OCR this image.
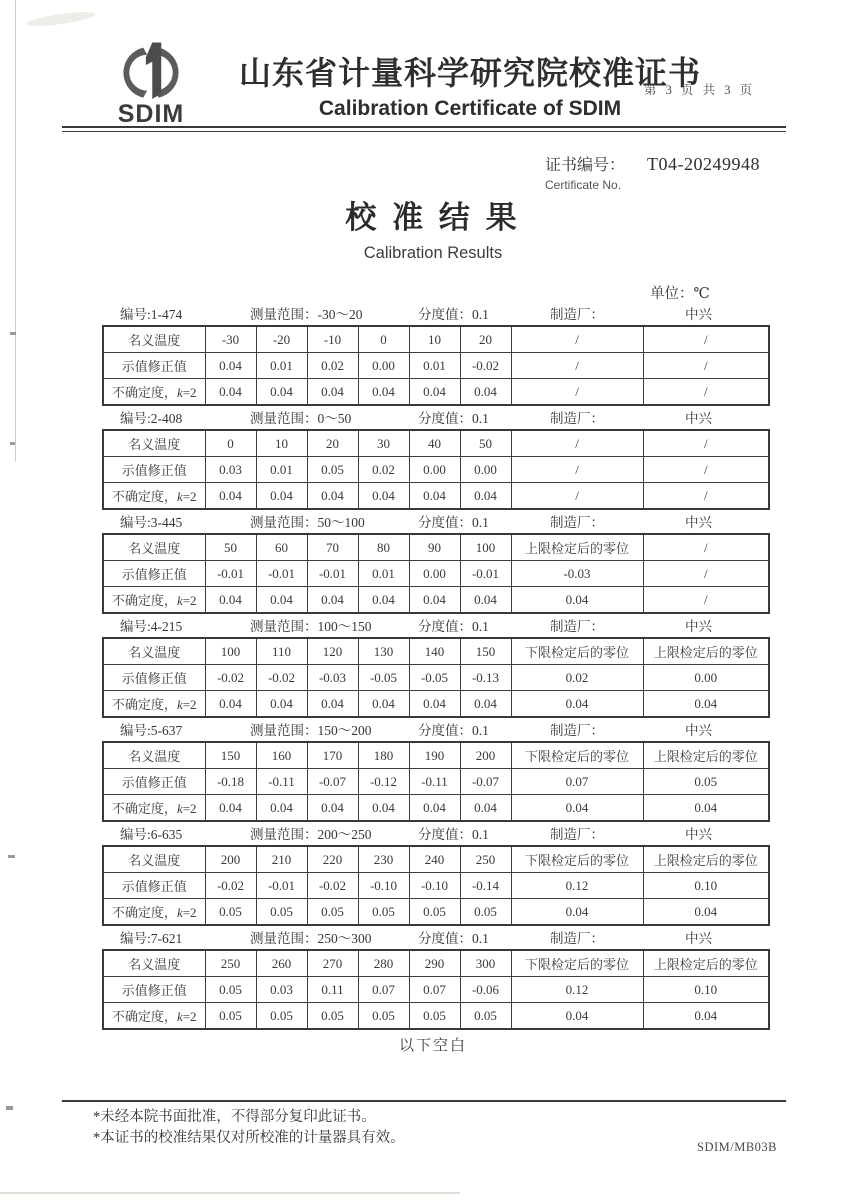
SDIM
山东省计量科学研究院校准证书
第 3 页 共 3 页
Calibration Certificate of SDIM
证书编号： T04-20249948
Certificate No.
校 准 结 果
Calibration Results
单位：℃
编号:1-474	测量范围：-30～20	分度值：0.1	制造厂：	中兴
名义温度	-30	-20	-10	0	10	20	/	/
示值修正值	0.04	0.01	0.02	0.00	0.01	-0.02	/	/
不确定度，k=2	0.04	0.04	0.04	0.04	0.04	0.04	/	/
编号:2-408	测量范围：0～50	分度值：0.1	制造厂：	中兴
名义温度	0	10	20	30	40	50	/	/
示值修正值	0.03	0.01	0.05	0.02	0.00	0.00	/	/
不确定度，k=2	0.04	0.04	0.04	0.04	0.04	0.04	/	/
编号:3-445	测量范围：50～100	分度值：0.1	制造厂：	中兴
名义温度	50	60	70	80	90	100	上限检定后的零位	/
示值修正值	-0.01	-0.01	-0.01	0.01	0.00	-0.01	-0.03	/
不确定度，k=2	0.04	0.04	0.04	0.04	0.04	0.04	0.04	/
编号:4-215	测量范围：100～150	分度值：0.1	制造厂：	中兴
名义温度	100	110	120	130	140	150	下限检定后的零位	上限检定后的零位
示值修正值	-0.02	-0.02	-0.03	-0.05	-0.05	-0.13	0.02	0.00
不确定度，k=2	0.04	0.04	0.04	0.04	0.04	0.04	0.04	0.04
编号:5-637	测量范围：150～200	分度值：0.1	制造厂：	中兴
名义温度	150	160	170	180	190	200	下限检定后的零位	上限检定后的零位
示值修正值	-0.18	-0.11	-0.07	-0.12	-0.11	-0.07	0.07	0.05
不确定度，k=2	0.04	0.04	0.04	0.04	0.04	0.04	0.04	0.04
编号:6-635	测量范围：200～250	分度值：0.1	制造厂：	中兴
名义温度	200	210	220	230	240	250	下限检定后的零位	上限检定后的零位
示值修正值	-0.02	-0.01	-0.02	-0.10	-0.10	-0.14	0.12	0.10
不确定度，k=2	0.05	0.05	0.05	0.05	0.05	0.05	0.04	0.04
编号:7-621	测量范围：250～300	分度值：0.1	制造厂：	中兴
名义温度	250	260	270	280	290	300	下限检定后的零位	上限检定后的零位
示值修正值	0.05	0.03	0.11	0.07	0.07	-0.06	0.12	0.10
不确定度，k=2	0.05	0.05	0.05	0.05	0.05	0.05	0.04	0.04
以下空白
*未经本院书面批准，不得部分复印此证书。
*本证书的校准结果仅对所校准的计量器具有效。
SDIM/MB03B
